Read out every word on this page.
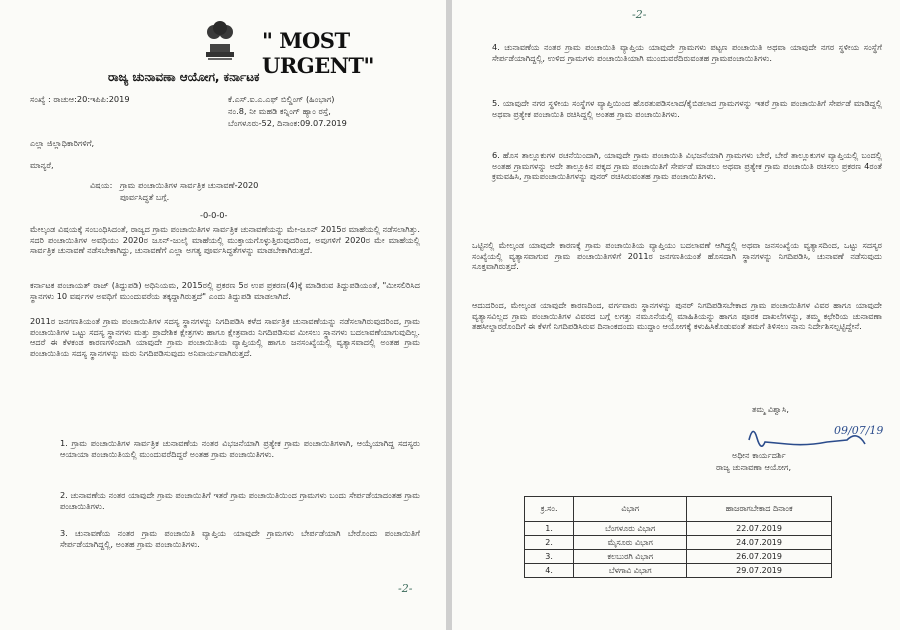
" MOST URGENT"
ರಾಜ್ಯ ಚುನಾವಣಾ ಆಯೋಗ, ಕರ್ನಾಟಕ
ಸಂಖ್ಯೆ : ರಾಚುಆ:20:ಇಪಿಪಿ:2019	ಕೆ.ಎಸ್.ಐ.ಎ.ಎಫ್ ಬಿಲ್ಡಿಂಗ್ (ಹಿಂಭಾಗ)
ನಂ.8, ನೀ ಮಹಡಿ ಕನ್ನಿಂಗ್ ಹ್ಯಾಂ ರಸ್ತೆ,
ಬೆಂಗಳೂರು-52, ದಿನಾಂಕ:09.07.2019
ಎಲ್ಲಾ ಜಿಲ್ಲಾಧಿಕಾರಿಗಳಿಗೆ,
ಮಾನ್ಯರೆ,
ವಿಷಯ: ಗ್ರಾಮ ಪಂಚಾಯಿತಿಗಳ ಸಾರ್ವತ್ರಿಕ ಚುನಾವಣೆ-2020
ಪೂರ್ವಸಿದ್ಧತೆ ಬಗ್ಗೆ.
-0-0-0-
ಮೇಲ್ಕಂಡ ವಿಷಯಕ್ಕೆ ಸಂಬಂಧಿಸಿದಂತೆ, ರಾಜ್ಯದ ಗ್ರಾಮ ಪಂಚಾಯಿತಿಗಳ ಸಾರ್ವತ್ರಿಕ ಚುನಾವಣೆಯನ್ನು ಮೇ-ಜೂನ್ 2015ರ ಮಾಹೆಯಲ್ಲಿ ನಡೆಸಲಾಗಿತ್ತು. ಸದರಿ ಪಂಚಾಯಿತಿಗಳ ಅವಧಿಯು 2020ರ ಜೂನ್-ಜುಲೈ ಮಾಹೆಯಲ್ಲಿ ಮುಕ್ತಾಯಗೊಳ್ಳುತ್ತಿರುವುದರಿಂದ, ಅವುಗಳಿಗೆ 2020ರ ಮೇ ಮಾಹೆಯಲ್ಲಿ ಸಾರ್ವತ್ರಿಕ ಚುನಾವಣೆ ನಡೆಸಬೇಕಾಗಿದ್ದು, ಚುನಾವಣೆಗೆ ಎಲ್ಲಾ ಅಗತ್ಯ ಪೂರ್ವಸಿದ್ಧತೆಗಳನ್ನು ಮಾಡಬೇಕಾಗಿರುತ್ತದೆ.
ಕರ್ನಾಟಕ ಪಂಚಾಯತ್ ರಾಜ್ (ತಿದ್ದುಪಡಿ) ಅಧಿನಿಯಮ, 2015ರಲ್ಲಿ ಪ್ರಕರಣ 5ರ ಉಪ ಪ್ರಕರಣ(4)ಕ್ಕೆ ಮಾಡಿರುವ ತಿದ್ದುಪಡಿಯಂತೆ, "ಮೀಸಲಿರಿಸಿದ ಸ್ಥಾನಗಳು 10 ವರ್ಷಗಳ ಅವಧಿಗೆ ಮುಂದುವರೆಯ ತಕ್ಕದ್ದಾಗಿರುತ್ತದೆ" ಎಂದು ತಿದ್ದುಪಡಿ ಮಾಡಲಾಗಿದೆ.
2011ರ ಜನಗಣತಿಯಂತೆ ಗ್ರಾಮ ಪಂಚಾಯಿತಿಗಳ ಸದಸ್ಯ ಸ್ಥಾನಗಳನ್ನು ನಿಗದಿಪಡಿಸಿ ಕಳೆದ ಸಾರ್ವತ್ರಿಕ ಚುನಾವಣೆಯನ್ನು ನಡೆಸಲಾಗಿರುವುದರಿಂದ, ಗ್ರಾಮ ಪಂಚಾಯಿತಿಗಳ ಒಟ್ಟು ಸದಸ್ಯ ಸ್ಥಾನಗಳು ಮತ್ತು ಪ್ರಾದೇಶಿಕ ಕ್ಷೇತ್ರಗಳು ಹಾಗೂ ಕ್ಷೇತ್ರವಾರು ನಿಗದಿಪಡಿಸುವ ಮೀಸಲು ಸ್ಥಾನಗಳು ಬದಲಾವಣೆಯಾಗುವುದಿಲ್ಲ. ಆದರೆ ಈ ಕೆಳಕಂಡ ಕಾರಣಗಳಿಂದಾಗಿ ಯಾವುದೇ ಗ್ರಾಮ ಪಂಚಾಯಿತಿಯ ವ್ಯಾಪ್ತಿಯಲ್ಲಿ ಹಾಗೂ ಜನಸಂಖ್ಯೆಯಲ್ಲಿ ವ್ಯತ್ಯಾಸವಾದಲ್ಲಿ ಅಂತಹ ಗ್ರಾಮ ಪಂಚಾಯಿತಿಯ ಸದಸ್ಯ ಸ್ಥಾನಗಳನ್ನು ಮರು ನಿಗದಿಪಡಿಸುವುದು ಅನಿವಾರ್ಯವಾಗಿರುತ್ತದೆ.
1. ಗ್ರಾಮ ಪಂಚಾಯಿತಿಗಳ ಸಾರ್ವತ್ರಿಕ ಚುನಾವಣೆಯ ನಂತರ ವಿಭಜನೆಯಾಗಿ ಪ್ರತ್ಯೇಕ ಗ್ರಾಮ ಪಂಚಾಯಿತಿಗಳಾಗಿ, ಆಯ್ಕೆಯಾಗಿದ್ದ ಸದಸ್ಯರು ಆಯಾಯಾ ಪಂಚಾಯಿತಿಯಲ್ಲಿ ಮುಂದುವರೆದಿದ್ದರೆ ಅಂತಹ ಗ್ರಾಮ ಪಂಚಾಯಿತಿಗಳು.
2. ಚುನಾವಣೆಯ ನಂತರ ಯಾವುದೇ ಗ್ರಾಮ ಪಂಚಾಯಿತಿಗೆ ಇತರೆ ಗ್ರಾಮ ಪಂಚಾಯಿತಿಯಿಂದ ಗ್ರಾಮಗಳು ಬಂದು ಸೇರ್ಪಡೆಯಾದಂತಹ ಗ್ರಾಮ ಪಂಚಾಯಿತಿಗಳು.
3. ಚುನಾವಣೆಯ ನಂತರ ಗ್ರಾಮ ಪಂಚಾಯಿತಿ ವ್ಯಾಪ್ತಿಯ ಯಾವುದೇ ಗ್ರಾಮಗಳು ಬೇರ್ಪಡೆಯಾಗಿ ಬೇರೊಂದು ಪಂಚಾಯಿತಿಗೆ ಸೇರ್ಪಡೆಯಾಗಿದ್ದಲ್ಲಿ, ಅಂತಹ ಗ್ರಾಮ ಪಂಚಾಯಿತಿಗಳು.
-2-
-2-
4. ಚುನಾವಣೆಯ ನಂತರ ಗ್ರಾಮ ಪಂಚಾಯಿತಿ ವ್ಯಾಪ್ತಿಯ ಯಾವುದೇ ಗ್ರಾಮಗಳು ಪಟ್ಟಣ ಪಂಚಾಯಿತಿ ಅಥವಾ ಯಾವುದೇ ನಗರ ಸ್ಥಳೀಯ ಸಂಸ್ಥೆಗೆ ಸೇರ್ಪಡೆಯಾಗಿದ್ದಲ್ಲಿ, ಉಳಿದ ಗ್ರಾಮಗಳು ಪಂಚಾಯಿತಿಯಾಗಿ ಮುಂದುವರೆದಿರುವಂತಹ ಗ್ರಾಮಪಂಚಾಯಿತಿಗಳು.
5. ಯಾವುದೇ ನಗರ ಸ್ಥಳೀಯ ಸಂಸ್ಥೆಗಳ ವ್ಯಾಪ್ತಿಯಿಂದ ಹೊರತುಪಡಿಸಲಾದ/ಕೈಬಿಡಲಾದ ಗ್ರಾಮಗಳನ್ನು ಇತರೆ ಗ್ರಾಮ ಪಂಚಾಯಿತಿಗೆ ಸೇರ್ಪಡೆ ಮಾಡಿದ್ದಲ್ಲಿ ಅಥವಾ ಪ್ರತ್ಯೇಕ ಪಂಚಾಯಿತಿ ರಚಿಸಿದ್ದಲ್ಲಿ ಅಂತಹ ಗ್ರಾಮ ಪಂಚಾಯಿತಿಗಳು.
6. ಹೊಸ ತಾಲ್ಲೂಕುಗಳ ರಚನೆಯಿಂದಾಗಿ, ಯಾವುದೇ ಗ್ರಾಮ ಪಂಚಾಯಿತಿ ವಿಭಜನೆಯಾಗಿ ಗ್ರಾಮಗಳು ಬೇರೆ, ಬೇರೆ ತಾಲ್ಲೂಕುಗಳ ವ್ಯಾಪ್ತಿಯಲ್ಲಿ ಬಂದಲ್ಲಿ ಅಂತಹ ಗ್ರಾಮಗಳನ್ನು ಅದೇ ತಾಲ್ಲೂಕಿನ ಪಕ್ಕದ ಗ್ರಾಮ ಪಂಚಾಯಿತಿಗೆ ಸೇರ್ಪಡೆ ಮಾಡಲು ಅಥವಾ ಪ್ರತ್ಯೇಕ ಗ್ರಾಮ ಪಂಚಾಯಿತಿ ರಚಿಸಲು ಪ್ರಕರಣ 4ರಂತೆ ಕ್ರಮವಹಿಸಿ, ಗ್ರಾಮಪಂಚಾಯಿತಿಗಳನ್ನು ಪುನರ್ ರಚಿಸಿರುವಂತಹ ಗ್ರಾಮ ಪಂಚಾಯಿತಿಗಳು.
ಒಟ್ಟಿನಲ್ಲಿ ಮೇಲ್ಕಂಡ ಯಾವುದೇ ಕಾರಣಕ್ಕೆ ಗ್ರಾಮ ಪಂಚಾಯಿತಿಯ ವ್ಯಾಪ್ತಿಯು ಬದಲಾವಣೆ ಆಗಿದ್ದಲ್ಲಿ ಅಥವಾ ಜನಸಂಖ್ಯೆಯ ವ್ಯತ್ಯಾಸದಿಂದ, ಒಟ್ಟು ಸದಸ್ಯರ ಸಂಖ್ಯೆಯಲ್ಲಿ ವ್ಯತ್ಯಾಸವಾಗುವ ಗ್ರಾಮ ಪಂಚಾಯಿತಿಗಳಿಗೆ 2011ರ ಜನಗಣತಿಯಂತೆ ಹೊಸದಾಗಿ ಸ್ಥಾನಗಳನ್ನು ನಿಗದಿಪಡಿಸಿ, ಚುನಾವಣೆ ನಡೆಸುವುದು ಸೂಕ್ತವಾಗಿರುತ್ತದೆ.
ಆದುದರಿಂದ, ಮೇಲ್ಕಂಡ ಯಾವುದೇ ಕಾರಣದಿಂದ, ವರ್ಗವಾರು ಸ್ಥಾನಗಳನ್ನು ಪುನರ್ ನಿಗದಿಪಡಿಸಬೇಕಾದ ಗ್ರಾಮ ಪಂಚಾಯಿತಿಗಳ ವಿವರ ಹಾಗೂ ಯಾವುದೇ ವ್ಯತ್ಯಾಸವಿಲ್ಲದ ಗ್ರಾಮ ಪಂಚಾಯಿತಿಗಳ ವಿವರದ ಬಗ್ಗೆ ಲಗತ್ತು ನಮೂನೆಯಲ್ಲಿ ಮಾಹಿತಿಯನ್ನು ಹಾಗೂ ಪೂರಕ ದಾಖಲೆಗಳನ್ನು, ತಮ್ಮ ಕಛೇರಿಯ ಚುನಾವಣಾ ತಹಸೀಲ್ದಾರರೊಂದಿಗೆ ಈ ಕೆಳಗೆ ನಿಗದಿಪಡಿಸಿರುವ ದಿನಾಂಕದಂದು ಮುದ್ದಾಂ ಆಯೋಗಕ್ಕೆ ಕಳುಹಿಸಿಕೊಡುವಂತೆ ತಮಗೆ ತಿಳಿಸಲು ನಾನು ನಿರ್ದೇಶಿಸಲ್ಪಟ್ಟಿದ್ದೇನೆ.
ತಮ್ಮ ವಿಶ್ವಾಸಿ,
09/07/19
ಅಧೀನ ಕಾರ್ಯದರ್ಶಿ
ರಾಜ್ಯ ಚುನಾವಣಾ ಆಯೋಗ,
ಕ್ರ.ಸಂ.	ವಿಭಾಗ	ಹಾಜರಾಗಬೇಕಾದ ದಿನಾಂಕ
1.	ಬೆಂಗಳೂರು ವಿಭಾಗ	22.07.2019
2.	ಮೈಸೂರು ವಿಭಾಗ	24.07.2019
3.	ಕಲಬುರಗಿ ವಿಭಾಗ	26.07.2019
4.	ಬೆಳಗಾವಿ ವಿಭಾಗ	29.07.2019
